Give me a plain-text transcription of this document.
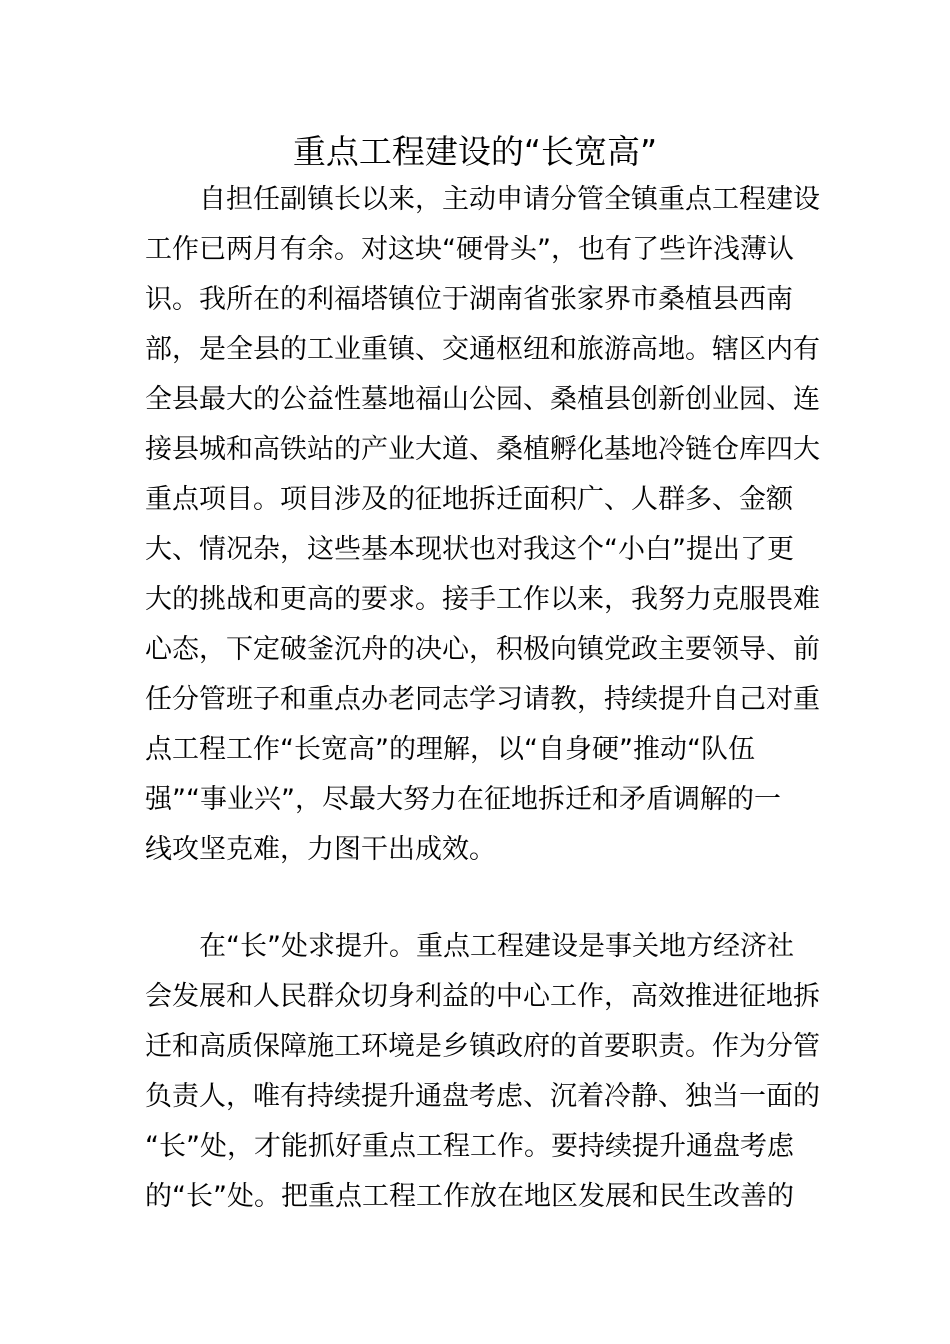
重点工程建设的“长宽高”
自担任副镇长以来，主动申请分管全镇重点工程建设
工作已两月有余。对这块“硬骨头”，也有了些许浅薄认
识。我所在的利福塔镇位于湖南省张家界市桑植县西南
部，是全县的工业重镇、交通枢纽和旅游高地。辖区内有
全县最大的公益性墓地福山公园、桑植县创新创业园、连
接县城和高铁站的产业大道、桑植孵化基地冷链仓库四大
重点项目。项目涉及的征地拆迁面积广、人群多、金额
大、情况杂，这些基本现状也对我这个“小白”提出了更
大的挑战和更高的要求。接手工作以来，我努力克服畏难
心态，下定破釜沉舟的决心，积极向镇党政主要领导、前
任分管班子和重点办老同志学习请教，持续提升自己对重
点工程工作“长宽高”的理解，以“自身硬”推动“队伍
强”“事业兴”，尽最大努力在征地拆迁和矛盾调解的一
线攻坚克难，力图干出成效。
在“长”处求提升。重点工程建设是事关地方经济社
会发展和人民群众切身利益的中心工作，高效推进征地拆
迁和高质保障施工环境是乡镇政府的首要职责。作为分管
负责人，唯有持续提升通盘考虑、沉着冷静、独当一面的
“长”处，才能抓好重点工程工作。要持续提升通盘考虑
的“长”处。把重点工程工作放在地区发展和民生改善的
